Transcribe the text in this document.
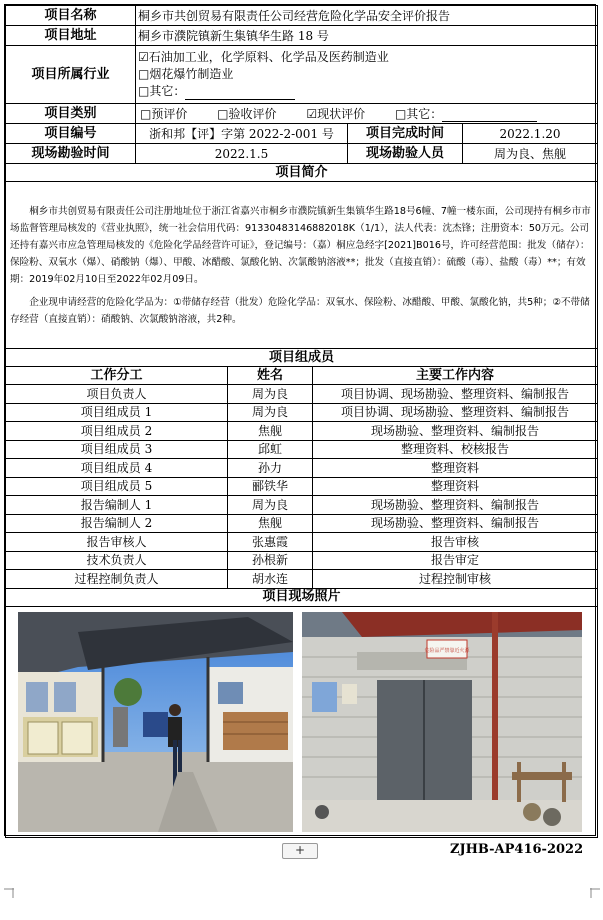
项目名称	桐乡市共创贸易有限责任公司经营危险化学品安全评价报告		
项目地址	桐乡市濮院镇新生集镇华生路 18 号		
项目所属行业	☑石油加工业，化学原料、化学品及医药制造业
□烟花爆竹制造业
□其它：		

项目类别	□预评价 □验收评价 ☑现状评价 □其它：		
项目编号	浙和邦【评】字第 2022-2-001 号	项目完成时间	2022.1.20
现场勘验时间	2022.1.5	现场勘验人员	周为良、焦舰
项目简介			

桐乡市共创贸易有限责任公司注册地址位于浙江省嘉兴市桐乡市濮院镇新生集镇华生路18号6幢、7幢一楼东面，公司现持有桐乡市市场监督管理局核发的《营业执照》，统一社会信用代码：91330483146882018K（1/1），法人代表：沈杰锋；注册资本：50万元。公司还持有嘉兴市应急管理局核发的《危险化学品经营许可证》，登记编号：（嘉）桐应急经字[2021]B016号，许可经营范围：批发（储存）：保险粉、双氧水（爆）、硝酸钠（爆）、甲酸、冰醋酸、氯酸化钠、次氯酸钠溶液**；批发（直接直销）：硫酸（毒）、盐酸（毒）**；有效期：2019年02月10日至2022年02月09日。

企业现申请经营的危险化学品为：①带储存经营（批发）危险化学品：双氧水、保险粉、冰醋酸、甲酸、氯酸化钠，共5种；②不带储存经营（直接直销）：硝酸钠、次氯酸钠溶液，共2种。			

项目组成员		
工作分工	姓名	主要工作内容
项目负责人	周为良	项目协调、现场勘验、整理资料、编制报告
项目组成员 1	周为良	项目协调、现场勘验、整理资料、编制报告
项目组成员 2	焦舰	现场勘验、整理资料、编制报告
项目组成员 3	邱虹	整理资料、校核报告
项目组成员 4	孙力	整理资料
项目组成员 5	郦铁华	整理资料
报告编制人 1	周为良	现场勘验、整理资料、编制报告
报告编制人 2	焦舰	现场勘验、整理资料、编制报告
报告审核人	张惠霞	报告审核
技术负责人	孙根新	报告审定
过程控制负责人	胡水连	过程控制审核
项目现场照片		

危险品严禁靠近火源		
+	ZJHB-AP416-2022
